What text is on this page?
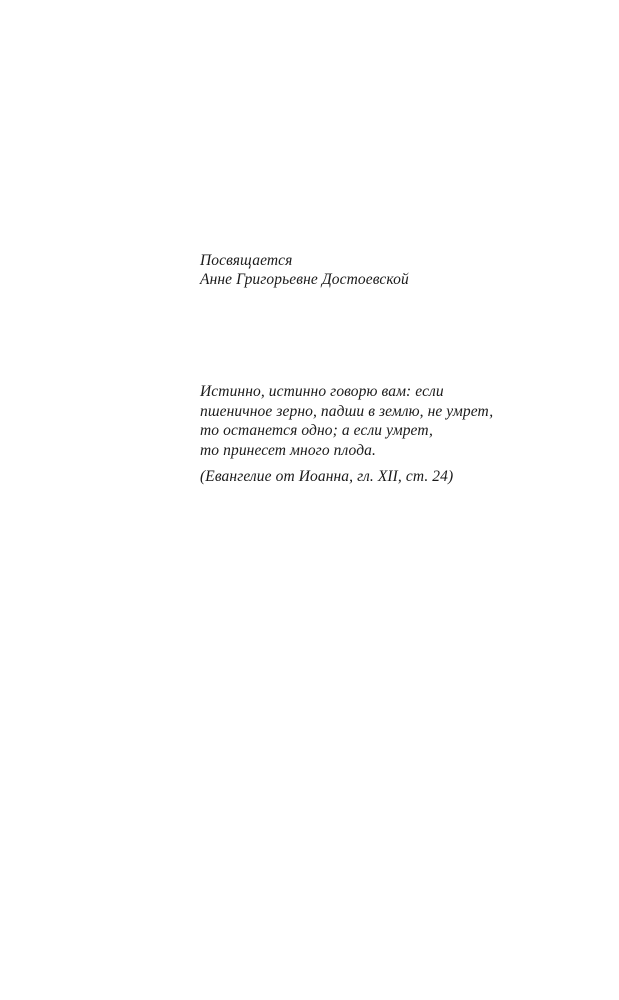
Посвящается
Анне Григорьевне Достоевской
Истинно, истинно говорю вам: если
пшеничное зерно, падши в землю, не умрет,
то останется одно; а если умрет,
то принесет много плода.
(Евангелие от Иоанна, гл. XII, ст. 24)
